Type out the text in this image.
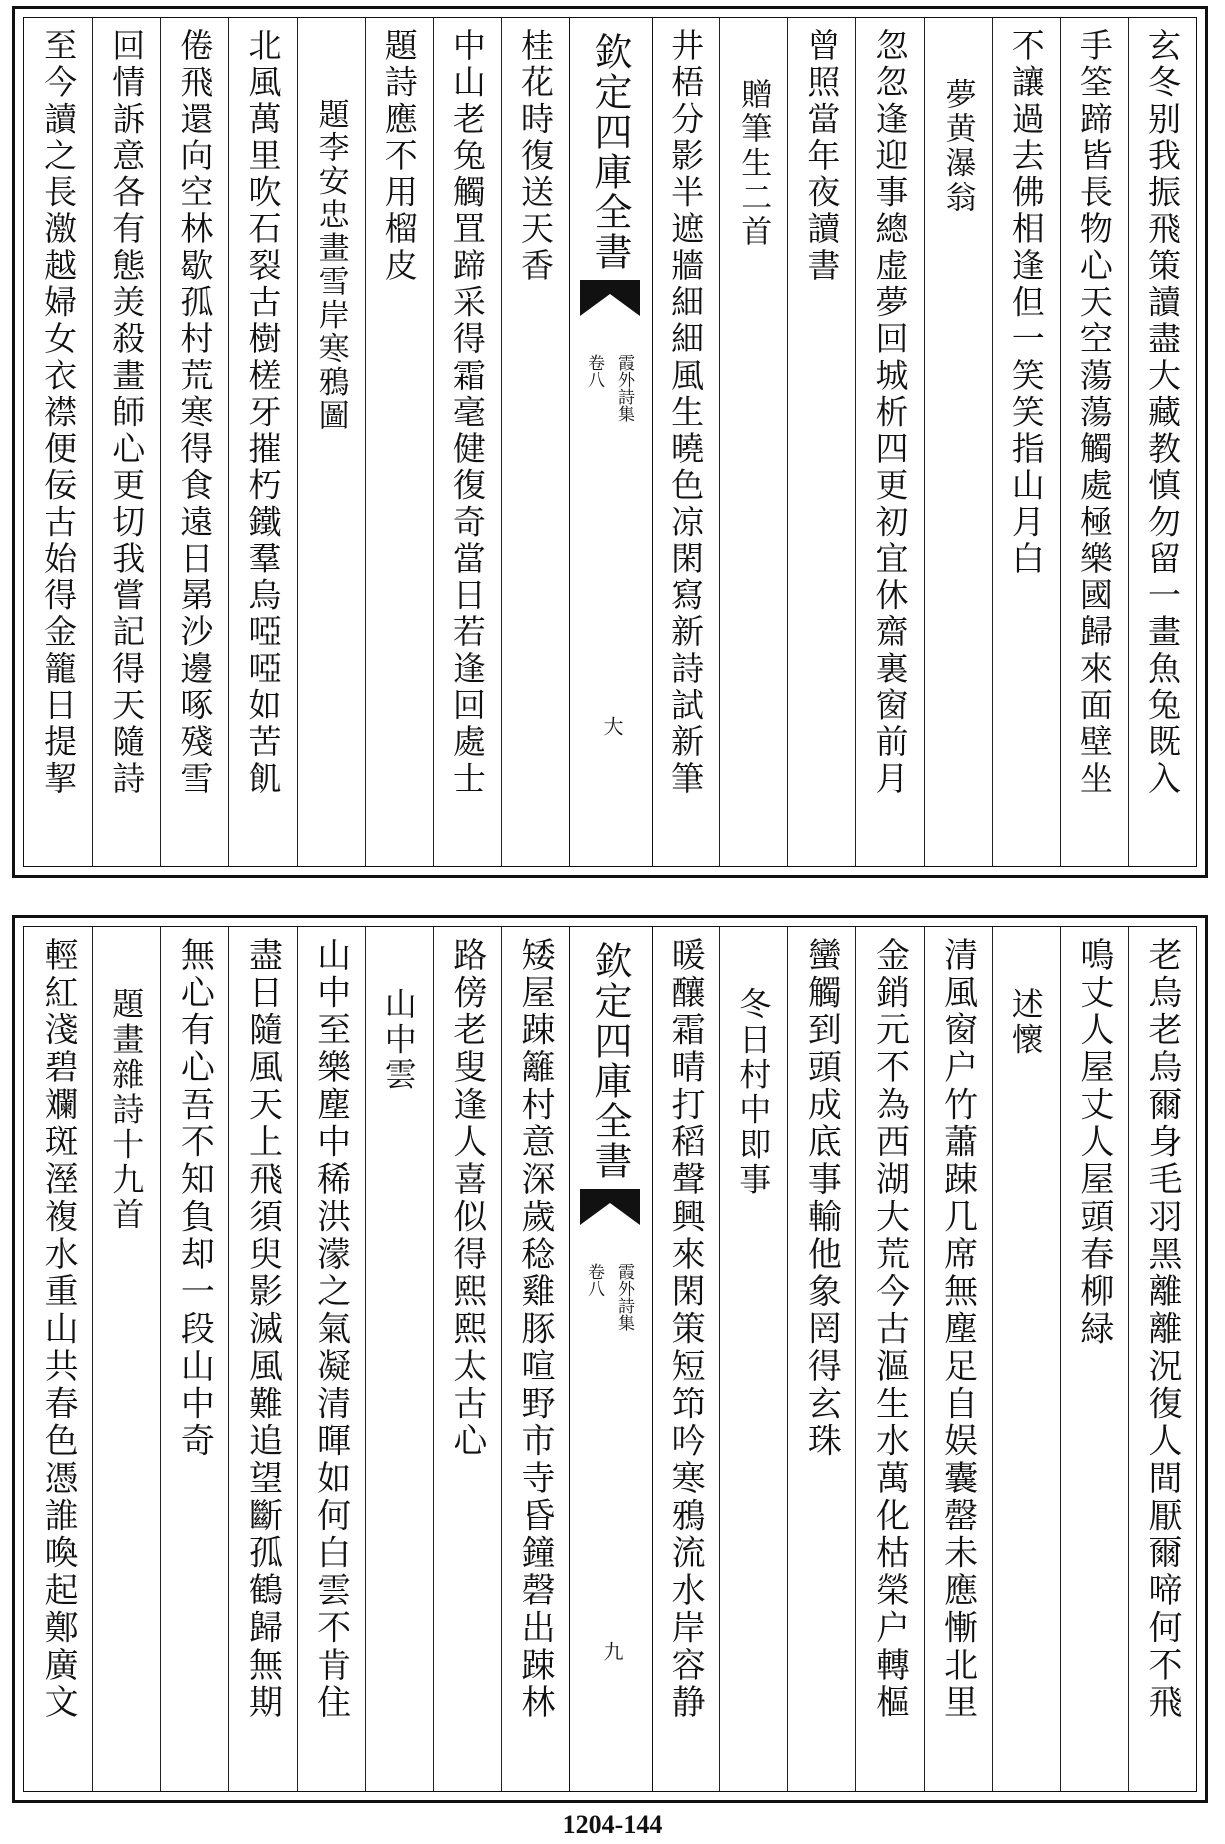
玄冬别我振飛策讀盡大藏教慎勿留一畫魚兔既入
手筌蹄皆長物心天空蕩蕩觸處極樂國歸來面壁坐
不讓過去佛相逢但一笑笑指山月白
夢黄瀑翁
忽忽逢迎事總虚夢回城析四更初宜休齋裏窗前月
曾照當年夜讀書
贈筆生二首
井梧分影半遮牆細細風生曉色凉閑寫新詩試新筆
欽定四庫全書
霞外詩集
卷八
大
桂花時復送天香
中山老兔觸罝蹄采得霜毫健復奇當日若逢回處士
題詩應不用榴皮
題李安忠畫雪岸寒鴉圖
北風萬里吹石裂古樹槎牙摧朽鐵羣烏啞啞如苦飢
倦飛還向空林歇孤村荒寒得食遠日晜沙邊啄殘雪
回情訴意各有態羙殺畫師心更切我嘗記得天隨詩
至今讀之長激越婦女衣襟便佞古始得金籠日提挈
老烏老烏爾身毛羽黑離離況復人間厭爾啼何不飛
鳴丈人屋丈人屋頭春柳緑
述懷
清風窗户竹蕭踈几席無塵足自娱囊罄未應慚北里
金銷元不為西湖大荒今古漚生水萬化枯榮户轉樞
蠻觸到頭成底事輸他象罔得玄珠
冬日村中即事
暖釀霜晴打稻聲興來閑策短笻吟寒鴉流水岸容静
欽定四庫全書
霞外詩集
卷八
九
矮屋踈籬村意深歲稔雞豚喧野市寺昏鐘磬出踈林
路傍老叟逢人喜似得熙熙太古心
山中雲
山中至樂塵中稀洪濛之氣凝清暉如何白雲不肯住
盡日隨風天上飛須臾影滅風難追望斷孤鶴歸無期
無心有心吾不知負却一段山中奇
題畫雜詩十九首
輕紅淺碧斕斑溼複水重山共春色憑誰喚起鄭廣文
1204-144
